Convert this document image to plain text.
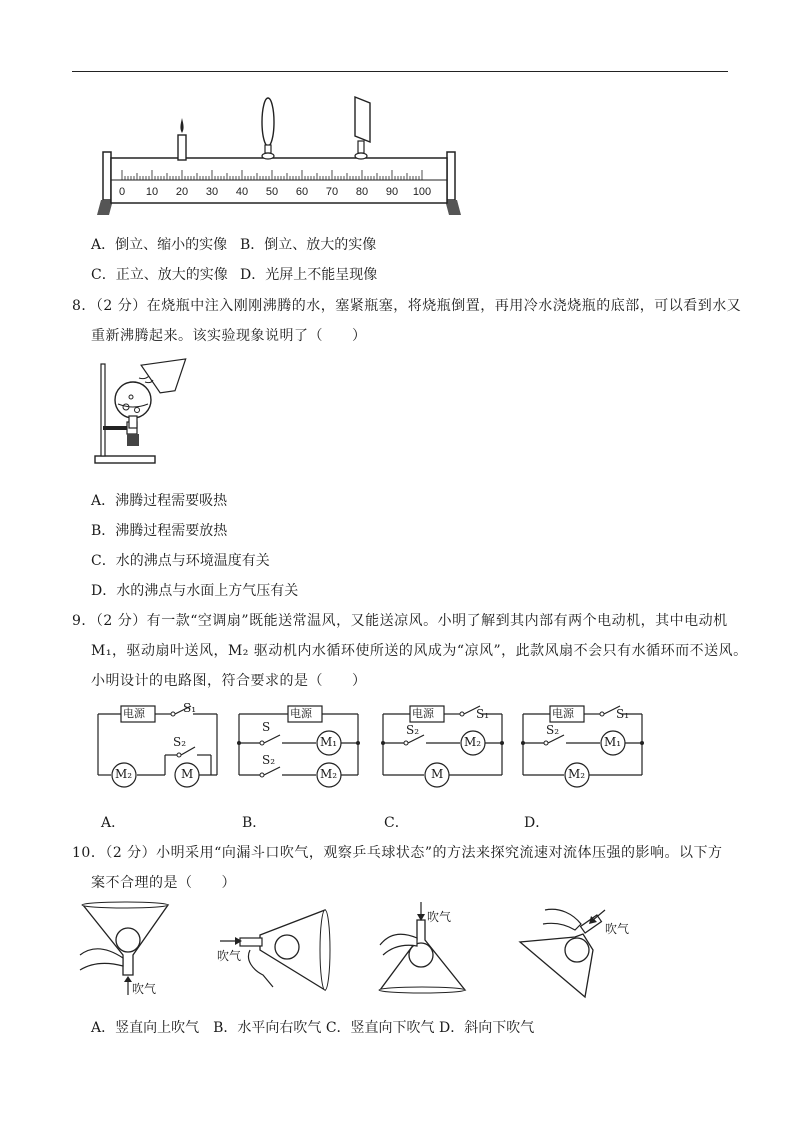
0 10 20 30 40 50 60 70 80 90 100
A．倒立、缩小的实像 B．倒立、放大的实像
C．正立、放大的实像 D．光屏上不能呈现像
8．（2 分）在烧瓶中注入刚刚沸腾的水，塞紧瓶塞，将烧瓶倒置，再用冷水浇烧瓶的底部，可以看到水又
重新沸腾起来。该实验现象说明了（　　）
A．沸腾过程需要吸热
B．沸腾过程需要放热
C．水的沸点与环境温度有关
D．水的沸点与水面上方气压有关
9．（2 分）有一款“空调扇”既能送常温风，又能送凉风。小明了解到其内部有两个电动机，其中电动机
M₁，驱动扇叶送风，M₂ 驱动机内水循环使所送的风成为“凉风”，此款风扇不会只有水循环而不送风。
小明设计的电路图，符合要求的是（　　）
电源	S₁
S₂
M₂	M
电源
S
S₂
M₁
M₂
电源	S₁
S₂
M₂
M
电源	S₁
S₂
M₁
M₂
A．	B．	C．	D．
10．（2 分）小明采用“向漏斗口吹气，观察乒乓球状态”的方法来探究流速对流体压强的影响。以下方
案不合理的是（　　）
吹气
吹气
吹气
吹气
A．竖直向上吹气　B．水平向右吹气 C．竖直向下吹气 D．斜向下吹气
